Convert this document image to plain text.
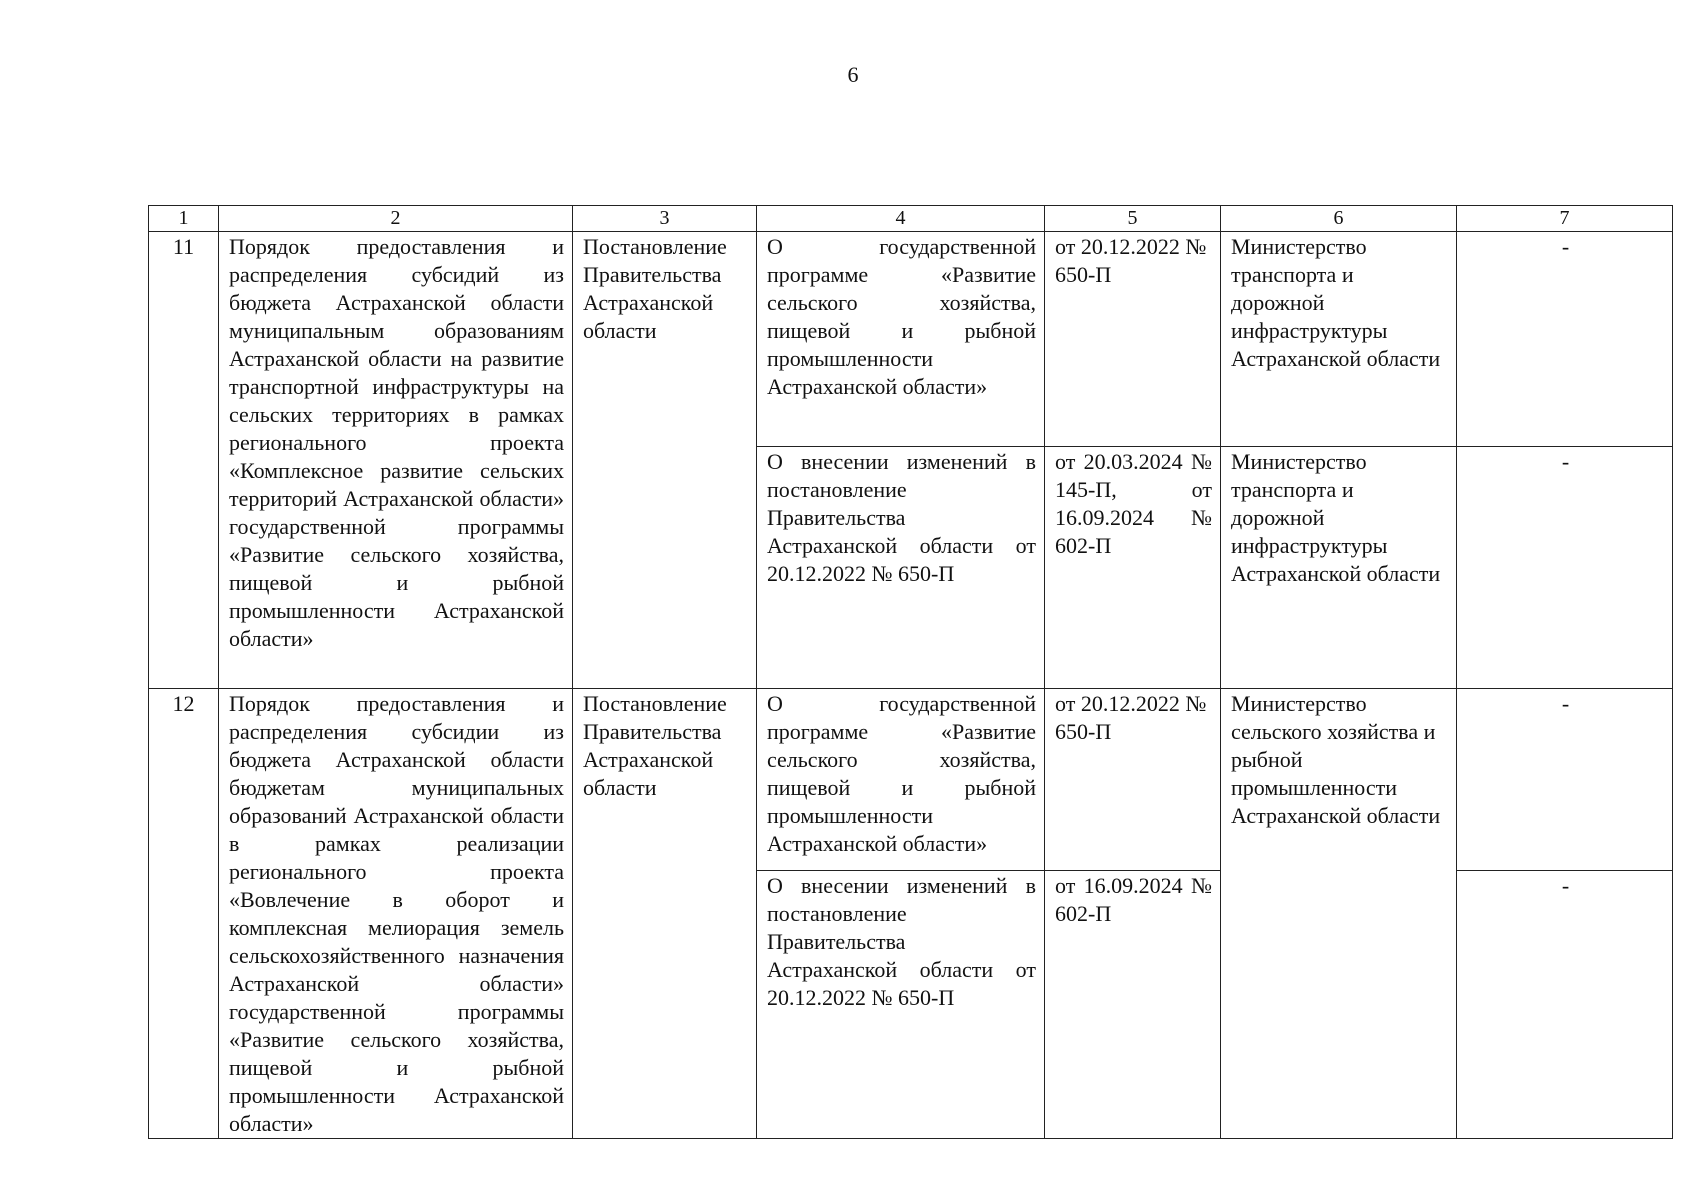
6
1	2	3	4	5	6	7
11	Порядок предоставления и распределения субсидий из бюджета Астраханской области муниципальным образованиям Астраханской области на развитие транспортной инфраструктуры на сельских территориях в рамках регионального проекта «Комплексное развитие сельских территорий Астраханской области» государственной программы «Развитие сельского хозяйства, пищевой и рыбной промышленности Астраханской области»	Постановление Правительства Астраханской области	О государственной программе «Развитие сельского хозяйства, пищевой и рыбной промышленности Астраханской области»	от 20.12.2022 № 650-П	Министерство транспорта и дорожной инфраструктуры Астраханской области	-
			О внесении изменений в постановление Правительства Астраханской области от 20.12.2022 № 650-П	от 20.03.2024 № 145-П, от 16.09.2024 № 602-П	Министерство транспорта и дорожной инфраструктуры Астраханской области	-
12	Порядок предоставления и распределения субсидии из бюджета Астраханской области бюджетам муниципальных образований Астраханской области в рамках реализации регионального проекта «Вовлечение в оборот и комплексная мелиорация земель сельскохозяйственного назначения Астраханской области» государственной программы «Развитие сельского хозяйства, пищевой и рыбной промышленности Астраханской области»	Постановление Правительства Астраханской области	О государственной программе «Развитие сельского хозяйства, пищевой и рыбной промышленности Астраханской области»	от 20.12.2022 № 650-П	Министерство сельского хозяйства и рыбной промышленности Астраханской области	-
			О внесении изменений в постановление Правительства Астраханской области от 20.12.2022 № 650-П	от 16.09.2024 № 602-П		-
